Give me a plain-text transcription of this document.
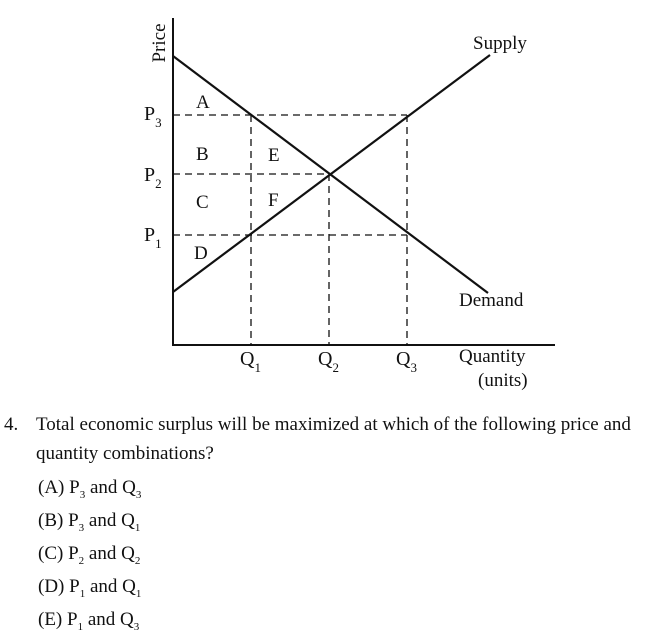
Price	Supply
Demand
Quantity
(units)
$P_3$
$P_2$
$P_1$
$Q_1$	$Q_2$	$Q_3$
A
B
C
D
E
F
4. Total economic surplus will be maximized at which of the following price and quantity combinations?
(A) $P_3$ and $Q_3$
(B) $P_3$ and $Q_1$
(C) $P_2$ and $Q_2$
(D) $P_1$ and $Q_1$
(E) $P_1$ and $Q_3$
